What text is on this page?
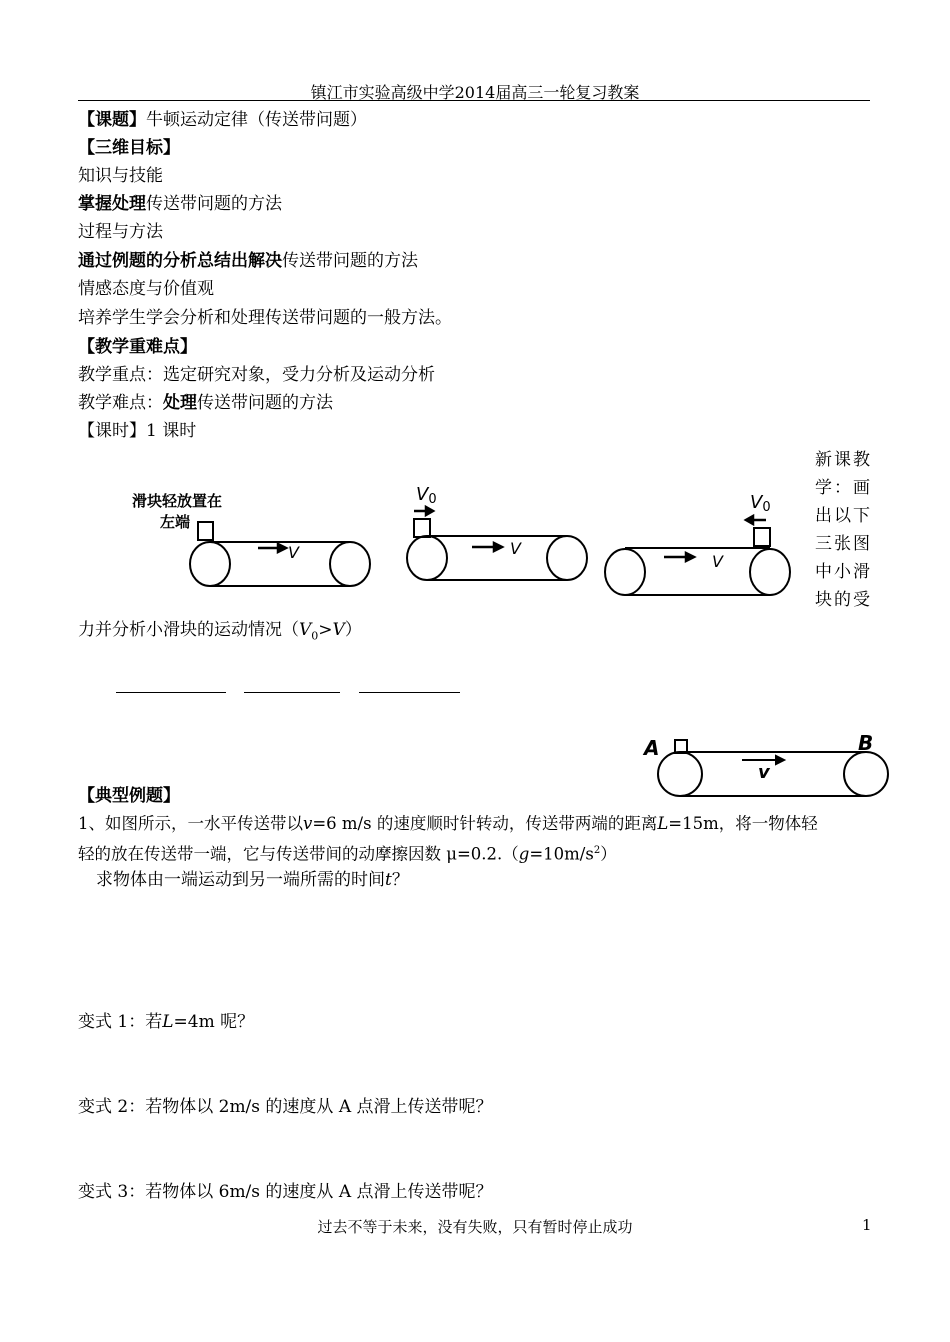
镇江市实验高级中学2014届高三一轮复习教案
【课题】牛顿运动定律（传送带问题）
【三维目标】
知识与技能
掌握处理传送带问题的方法
过程与方法
通过例题的分析总结出解决传送带问题的方法
情感态度与价值观
培养学生学会分析和处理传送带问题的一般方法。
【教学重难点】
教学重点：选定研究对象，受力分析及运动分析
教学难点：处理传送带问题的方法
【课时】1 课时
新课教学：画出以下三张图中小滑块的受
滑块轻放置在
左端
V	V
V
V0	V0
力并分析小滑块的运动情况$(V_0>V)$
A	B
v
【典型例题】
1、如图所示，一水平传送带以v=6 m/s 的速度顺时针转动，传送带两端的距离L=15m，将一物体轻
轻的放在传送带一端，它与传送带间的动摩擦因数 $\mu=0.2.(g=10m/s^2)$
求物体由一端运动到另一端所需的时间t？
变式 1：若L=4m 呢？
变式 2：若物体以 2m/s 的速度从 A 点滑上传送带呢？
变式 3：若物体以 6m/s 的速度从 A 点滑上传送带呢？
过去不等于未来，没有失败，只有暂时停止成功	1
